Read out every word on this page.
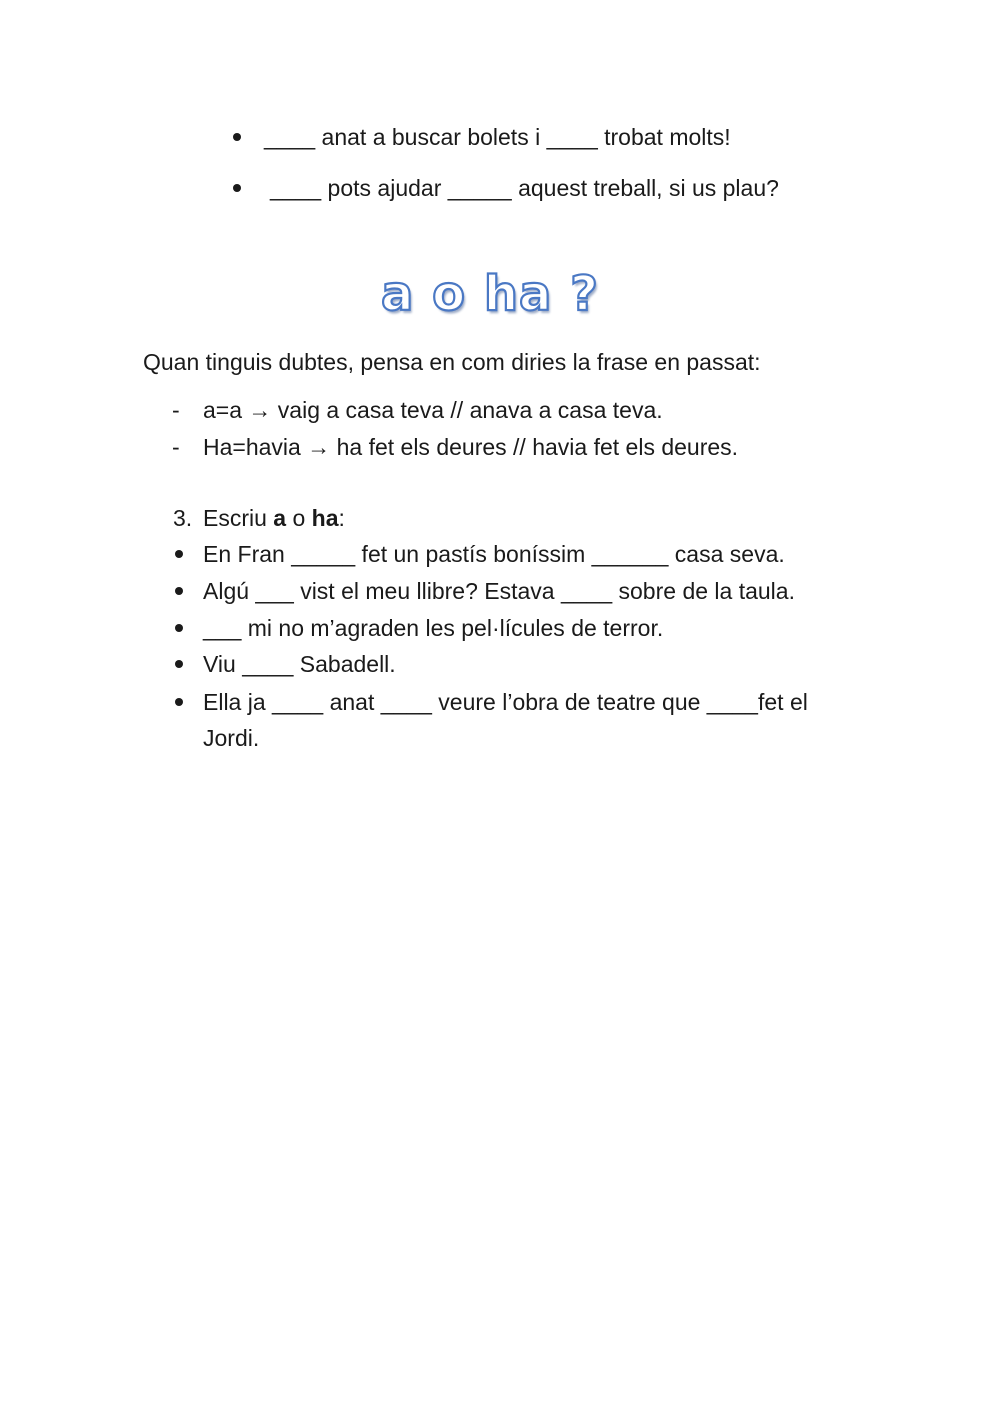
____ anat a buscar bolets i ____ trobat molts!
____ pots ajudar _____ aquest treball, si us plau?
a o ha ?
Quan tinguis dubtes, pensa en com diries la frase en passat:
- a=a → vaig a casa teva // anava a casa teva.
- Ha=havia → ha fet els deures // havia fet els deures.
3. Escriu a o ha:
En Fran _____ fet un pastís boníssim ______ casa seva.
Algú ___ vist el meu llibre? Estava ____ sobre de la taula.
___ mi no m’agraden les pel·lícules de terror.
Viu ____ Sabadell.
Ella ja ____ anat ____ veure l’obra de teatre que ____fet el
Jordi.
